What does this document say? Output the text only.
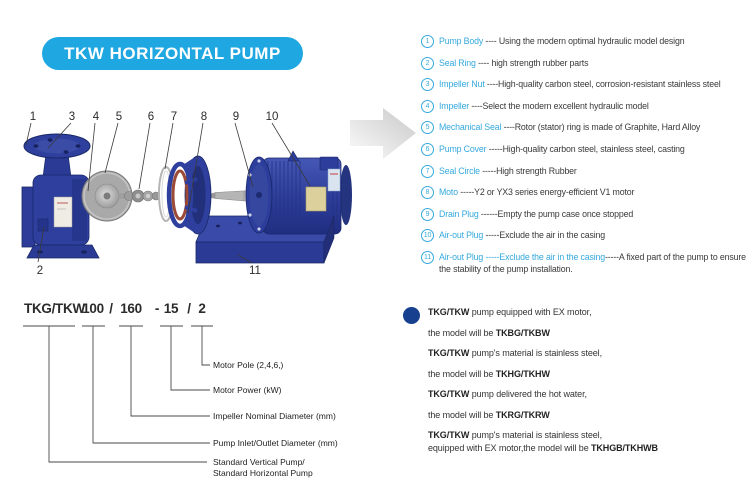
TKW HORIZONTAL PUMP
1	3 4 5 6 7 8 9 10
2	11
1	Pump Body ---- Using the modern optimal hydraulic model design
2	Seal Ring ---- high strength rubber parts
3	Impeller Nut ----High-quality carbon steel, corrosion-resistant stainless steel
4	Impeller ----Select the modern excellent hydraulic model
5	Mechanical Seal ----Rotor (stator) ring is made of Graphite, Hard Alloy
6	Pump Cover -----High-quality carbon steel, stainless steel, casting
7	Seal Circle -----High strength Rubber
8	Moto -----Y2 or YX3 series energy-efficient V1 motor
9	Drain Plug ------Empty the pump case once stopped
10 Air-out Plug -----Exclude the air in the casing
11 Air-out Plug -----Exclude the air in the casing-----A fixed part of the pump to ensure the stability of the pump installation.
TKG/TKW
100 / 160 - 15 / 2
Motor Pole (2,4,6,)
Motor Power (kW)
Impeller Nominal Diameter (mm)
Pump Inlet/Outlet Diameter (mm)
Standard Vertical Pump/
Standard Horizontal Pump
TKG/TKW pump equipped with EX motor,
the model will be TKBG/TKBW
TKG/TKW pump's material is stainless steel,
the model will be TKHG/TKHW
TKG/TKW pump delivered the hot water,
the model will be TKRG/TKRW
TKG/TKW pump's material is stainless steel,
equipped with EX motor,the model will be TKHGB/TKHWB
